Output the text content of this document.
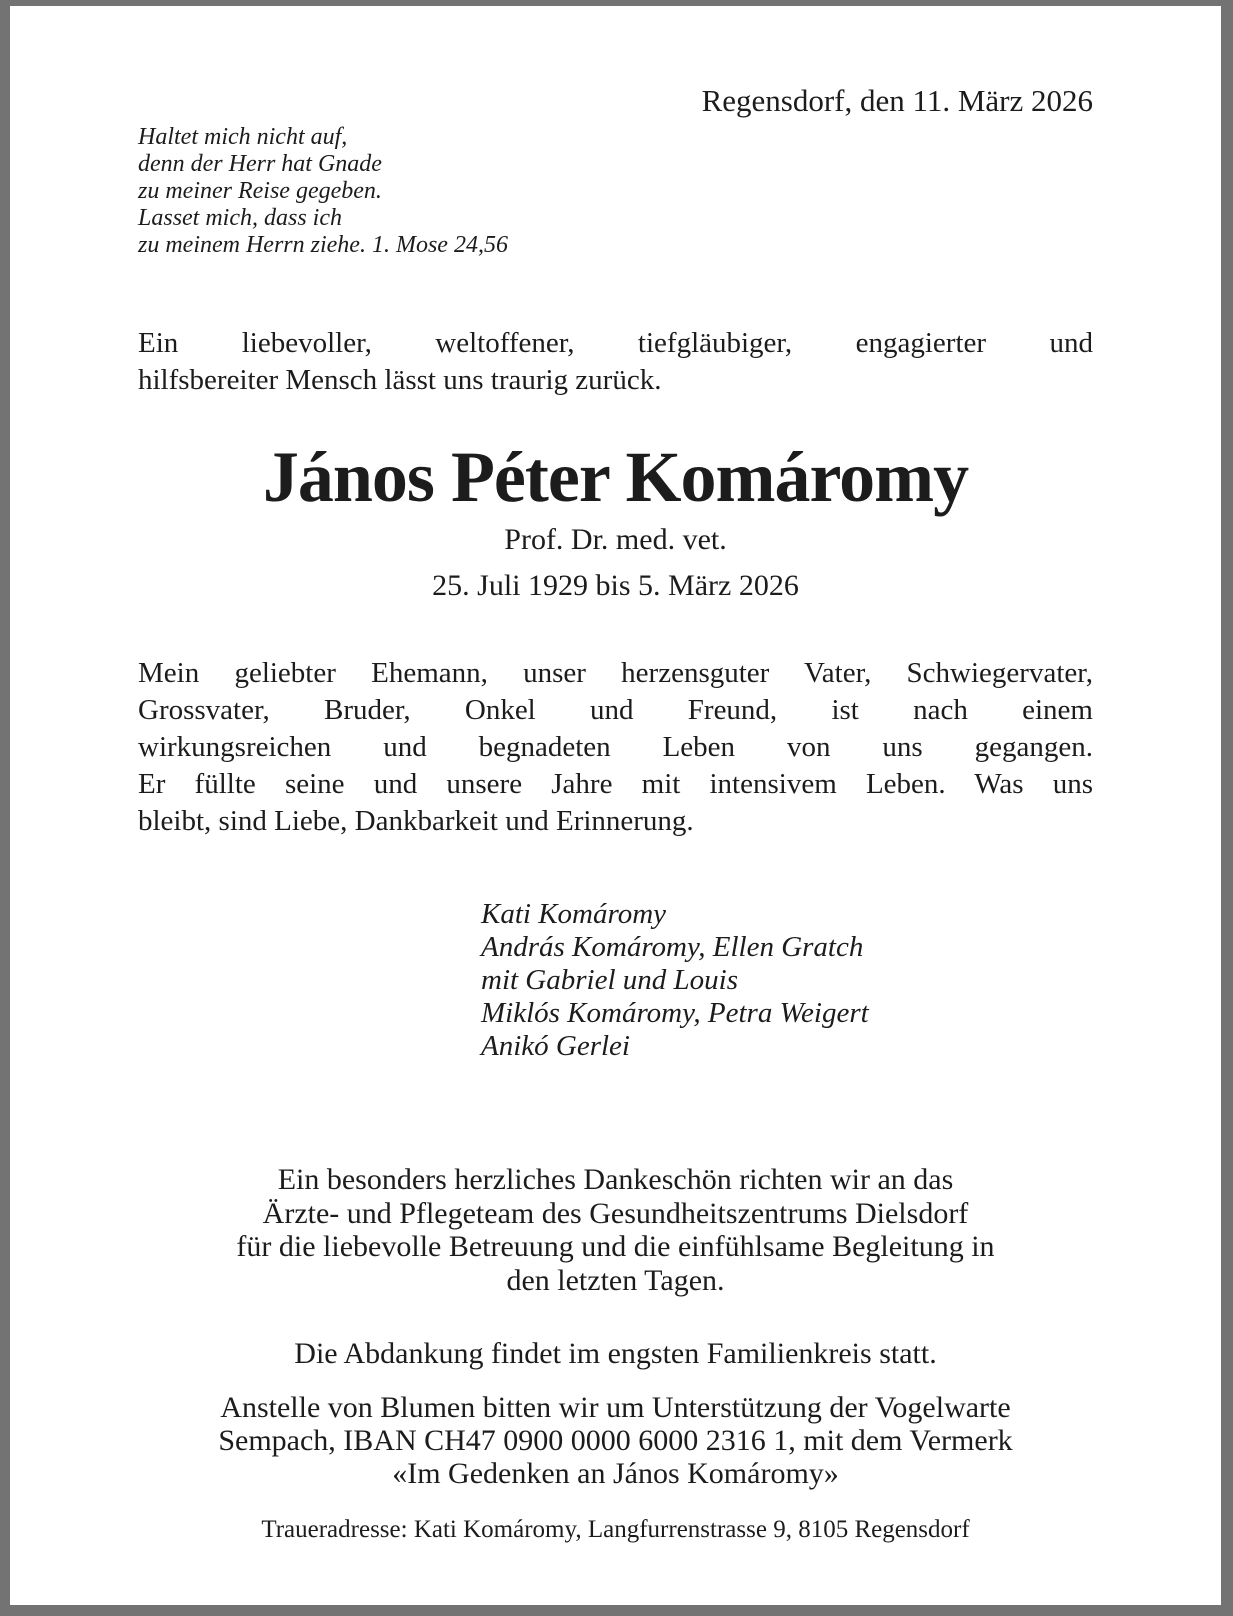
Regensdorf, den 11. März 2026
Haltet mich nicht auf,
denn der Herr hat Gnade
zu meiner Reise gegeben.
Lasset mich, dass ich
zu meinem Herrn ziehe. 1. Mose 24,56
Ein liebevoller, weltoffener, tiefgläubiger, engagierter und
hilfsbereiter Mensch lässt uns traurig zurück.
János Péter Komáromy
Prof. Dr. med. vet.
25. Juli 1929 bis 5. März 2026
Mein geliebter Ehemann, unser herzensguter Vater, Schwiegervater,
Grossvater, Bruder, Onkel und Freund, ist nach einem
wirkungsreichen und begnadeten Leben von uns gegangen.
Er füllte seine und unsere Jahre mit intensivem Leben. Was uns
bleibt, sind Liebe, Dankbarkeit und Erinnerung.
Kati Komáromy
András Komáromy, Ellen Gratch
mit Gabriel und Louis
Miklós Komáromy, Petra Weigert
Anikó Gerlei
Ein besonders herzliches Dankeschön richten wir an das
Ärzte- und Pflegeteam des Gesundheitszentrums Dielsdorf
für die liebevolle Betreuung und die einfühlsame Begleitung in
den letzten Tagen.
Die Abdankung findet im engsten Familienkreis statt.
Anstelle von Blumen bitten wir um Unterstützung der Vogelwarte
Sempach, IBAN CH47 0900 0000 6000 2316 1, mit dem Vermerk
«Im Gedenken an János Komáromy»
Traueradresse: Kati Komáromy, Langfurrenstrasse 9, 8105 Regensdorf
